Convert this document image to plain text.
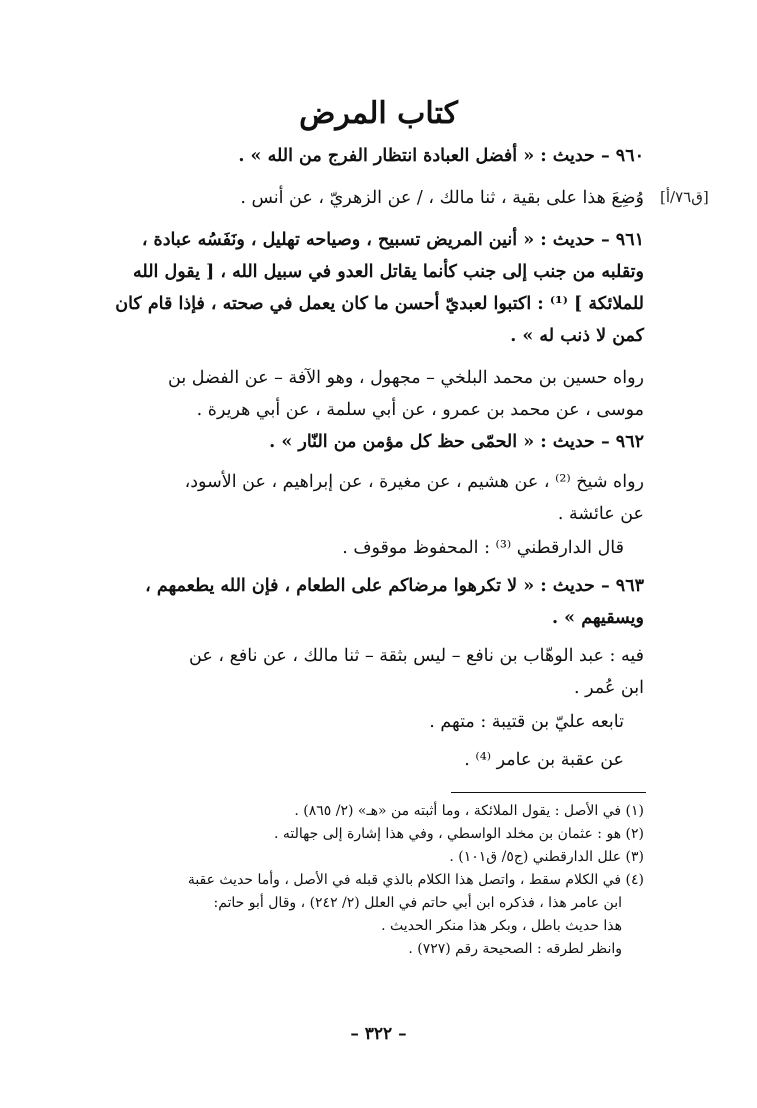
كتاب المرض
[ق٧٦/أ]
٩٦٠ – حديث : « أفضل العبادة انتظار الفرج من الله » .
وُضِعَ هذا على بقية ، ثنا مالك ، / عن الزهريّ ، عن أنس .
٩٦١ – حديث : « أنين المريض تسبيح ، وصياحه تهليل ، ونَفَسُه عبادة ،
وتقلبه من جنب إلى جنب كأنما يقاتل العدو في سبيل الله ، [ يقول الله
للملائكة ] ⁽¹⁾ : اكتبوا لعبديّ أحسن ما كان يعمل في صحته ، فإذا قام كان
كمن لا ذنب له » .
رواه حسين بن محمد البلخي – مجهول ، وهو الآفة – عن الفضل بن
موسى ، عن محمد بن عمرو ، عن أبي سلمة ، عن أبي هريرة .
٩٦٢ – حديث : « الحمّى حظ كل مؤمن من النّار » .
رواه شيخ ⁽²⁾ ، عن هشيم ، عن مغيرة ، عن إبراهيم ، عن الأسود،
عن عائشة .
قال الدارقطني ⁽³⁾ : المحفوظ موقوف .
٩٦٣ – حديث : « لا تكرهوا مرضاكم على الطعام ، فإن الله يطعمهم ،
ويسقيهم » .
فيه : عبد الوهّاب بن نافع – ليس بثقة – ثنا مالك ، عن نافع ، عن
ابن عُمر .
تابعه عليّ بن قتيبة : متهم .
عن عقبة بن عامر ⁽⁴⁾ .
(١) في الأصل : يقول الملائكة ، وما أثبته من «هـ» (٢/ ٨٦٥) .
(٢) هو : عثمان بن مخلد الواسطي ، وفي هذا إشارة إلى جهالته .
(٣) علل الدارقطني (ج٥/ ق١٠١) .
(٤) في الكلام سقط ، واتصل هذا الكلام بالذي قبله في الأصل ، وأما حديث عقبة
ابن عامر هذا ، فذكره ابن أبي حاتم في العلل (٢/ ٢٤٢) ، وقال أبو حاتم:
هذا حديث باطل ، وبكر هذا منكر الحديث .
وانظر لطرقه : الصحيحة رقم (٧٢٧) .
– ٣٢٢ –
